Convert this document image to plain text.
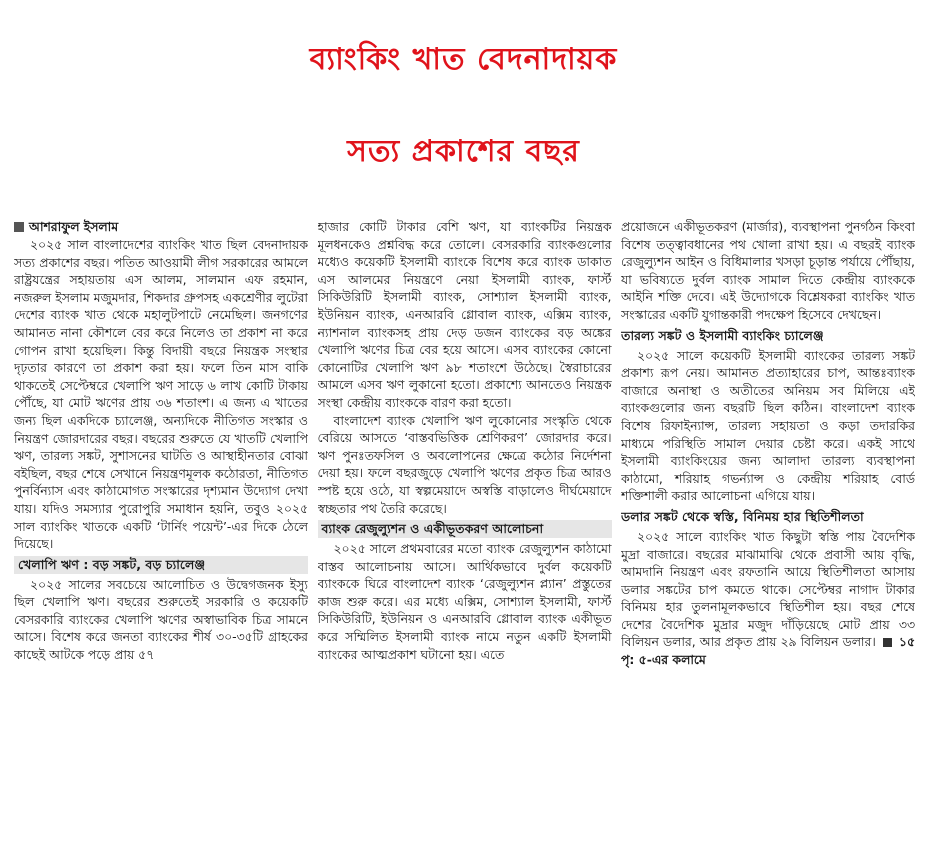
ব্যাংকিং খাত বেদনাদায়ক
সত্য প্রকাশের বছর
আশরাফুল ইসলাম

২০২৫ সাল বাংলাদেশের ব্যাংকিং খাত ছিল বেদনাদায়ক সত্য প্রকাশের বছর। পতিত আওয়ামী লীগ সরকারের আমলে রাষ্ট্রযন্ত্রের সহায়তায় এস আলম, সালমান এফ রহমান, নজরুল ইসলাম মজুমদার, শিকদার গ্রুপসহ একশ্রেণীর লুটেরা দেশের ব্যাংক খাত থেকে মহালুটপাটে নেমেছিল। জনগণের আমানত নানা কৌশলে বের করে নিলেও তা প্রকাশ না করে গোপন রাখা হয়েছিল। কিন্তু বিদায়ী বছরে নিয়ন্ত্রক সংস্থার দৃঢ়তার কারণে তা প্রকাশ করা হয়। ফলে তিন মাস বাকি থাকতেই সেপ্টেম্বরে খেলাপি ঋণ সাড়ে ৬ লাখ কোটি টাকায় পৌঁছে, যা মোট ঋণের প্রায় ৩৬ শতাংশ। এ জন্য এ খাতের জন্য ছিল একদিকে চ্যালেঞ্জ, অন্যদিকে নীতিগত সংস্কার ও নিয়ন্ত্রণ জোরদারের বছর। বছরের শুরুতে যে খাতটি খেলাপি ঋণ, তারল্য সঙ্কট, সুশাসনের ঘাটতি ও আস্থাহীনতার বোঝা বইছিল, বছর শেষে সেখানে নিয়ন্ত্রণমূলক কঠোরতা, নীতিগত পুনর্বিন্যাস এবং কাঠামোগত সংস্কারের দৃশ্যমান উদ্যোগ দেখা যায়। যদিও সমস্যার পুরোপুরি সমাধান হয়নি, তবুও ২০২৫ সাল ব্যাংকিং খাতকে একটি ‘টার্নিং পয়েন্ট’-এর দিকে ঠেলে দিয়েছে।

খেলাপি ঋণ : বড় সঙ্কট, বড় চ্যালেঞ্জ

২০২৫ সালের সবচেয়ে আলোচিত ও উদ্বেগজনক ইস্যু ছিল খেলাপি ঋণ। বছরের শুরুতেই সরকারি ও কয়েকটি বেসরকারি ব্যাংকের খেলাপি ঋণের অস্বাভাবিক চিত্র সামনে আসে। বিশেষ করে জনতা ব্যাংকের শীর্ষ ৩০-৩৫টি গ্রাহকের কাছেই আটকে পড়ে প্রায় ৫৭

হাজার কোটি টাকার বেশি ঋণ, যা ব্যাংকটির নিয়ন্ত্রক মূলধনকেও প্রশ্নবিদ্ধ করে তোলে। বেসরকারি ব্যাংকগুলোর মধ্যেও কয়েকটি ইসলামী ব্যাংকে বিশেষ করে ব্যাংক ডাকাত এস আলমের নিয়ন্ত্রণে নেয়া ইসলামী ব্যাংক, ফার্স্ট সিকিউরিটি ইসলামী ব্যাংক, সোশ্যাল ইসলামী ব্যাংক, ইউনিয়ন ব্যাংক, এনআরবি গ্লোবাল ব্যাংক, এক্সিম ব্যাংক, ন্যাশনাল ব্যাংকসহ প্রায় দেড় ডজন ব্যাংকের বড় অঙ্কের খেলাপি ঋণের চিত্র বের হয়ে আসে। এসব ব্যাংকের কোনো কোনোটির খেলাপি ঋণ ৯৮ শতাংশে উঠেছে। স্বৈরাচারের আমলে এসব ঋণ লুকানো হতো। প্রকাশ্যে আনতেও নিয়ন্ত্রক সংস্থা কেন্দ্রীয় ব্যাংককে বারণ করা হতো।

বাংলাদেশ ব্যাংক খেলাপি ঋণ লুকোনোর সংস্কৃতি থেকে বেরিয়ে আসতে ‘বাস্তবভিত্তিক শ্রেণিকরণ’ জোরদার করে। ঋণ পুনঃতফসিল ও অবলোপনের ক্ষেত্রে কঠোর নির্দেশনা দেয়া হয়। ফলে বছরজুড়ে খেলাপি ঋণের প্রকৃত চিত্র আরও স্পষ্ট হয়ে ওঠে, যা স্বল্পমেয়াদে অস্বস্তি বাড়ালেও দীর্ঘমেয়াদে স্বচ্ছতার পথ তৈরি করেছে।

ব্যাংক রেজুল্যুশন ও একীভূতকরণ আলোচনা

২০২৫ সালে প্রথমবারের মতো ব্যাংক রেজুল্যুশন কাঠামো বাস্তব আলোচনায় আসে। আর্থিকভাবে দুর্বল কয়েকটি ব্যাংককে ঘিরে বাংলাদেশ ব্যাংক ‘রেজুল্যুশন প্ল্যান’ প্রস্তুতের কাজ শুরু করে। এর মধ্যে এক্সিম, সোশ্যাল ইসলামী, ফার্স্ট সিকিউরিটি, ইউনিয়ন ও এনআরবি গ্লোবাল ব্যাংক একীভূত করে সম্মিলিত ইসলামী ব্যাংক নামে নতুন একটি ইসলামী ব্যাংকের আত্মপ্রকাশ ঘটানো হয়। এতে

প্রয়োজনে একীভূতকরণ (মার্জার), ব্যবস্থাপনা পুনর্গঠন কিংবা বিশেষ তত্ত্বাবধানের পথ খোলা রাখা হয়। এ বছরই ব্যাংক রেজুল্যুশন আইন ও বিধিমালার খসড়া চূড়ান্ত পর্যায়ে পৌঁছায়, যা ভবিষ্যতে দুর্বল ব্যাংক সামাল দিতে কেন্দ্রীয় ব্যাংককে আইনি শক্তি দেবে। এই উদ্যোগকে বিশ্লেষকরা ব্যাংকিং খাত সংস্কারের একটি যুগান্তকারী পদক্ষেপ হিসেবে দেখছেন।

তারল্য সঙ্কট ও ইসলামী ব্যাংকিং চ্যালেঞ্জ

২০২৫ সালে কয়েকটি ইসলামী ব্যাংকের তারল্য সঙ্কট প্রকাশ্য রূপ নেয়। আমানত প্রত্যাহারের চাপ, আন্তঃব্যাংক বাজারে অনাস্থা ও অতীতের অনিয়ম সব মিলিয়ে এই ব্যাংকগুলোর জন্য বছরটি ছিল কঠিন। বাংলাদেশ ব্যাংক বিশেষ রিফাইন্যান্স, তারল্য সহায়তা ও কড়া তদারকির মাধ্যমে পরিস্থিতি সামাল দেয়ার চেষ্টা করে। একই সাথে ইসলামী ব্যাংকিংয়ের জন্য আলাদা তারল্য ব্যবস্থাপনা কাঠামো, শরিয়াহ গভর্ন্যান্স ও কেন্দ্রীয় শরিয়াহ বোর্ড শক্তিশালী করার আলোচনা এগিয়ে যায়।

ডলার সঙ্কট থেকে স্বস্তি, বিনিময় হার স্থিতিশীলতা

২০২৫ সালে ব্যাংকিং খাত কিছুটা স্বস্তি পায় বৈদেশিক মুদ্রা বাজারে। বছরের মাঝামাঝি থেকে প্রবাসী আয় বৃদ্ধি, আমদানি নিয়ন্ত্রণ এবং রফতানি আয়ে স্থিতিশীলতা আসায় ডলার সঙ্কটের চাপ কমতে থাকে। সেপ্টেম্বর নাগাদ টাকার বিনিময় হার তুলনামূলকভাবে স্থিতিশীল হয়। বছর শেষে দেশের বৈদেশিক মুদ্রার মজুদ দাঁড়িয়েছে মোট প্রায় ৩৩ বিলিয়ন ডলার, আর প্রকৃত প্রায় ২৯ বিলিয়ন ডলার। ১৫ পৃ: ৫-এর কলামে
